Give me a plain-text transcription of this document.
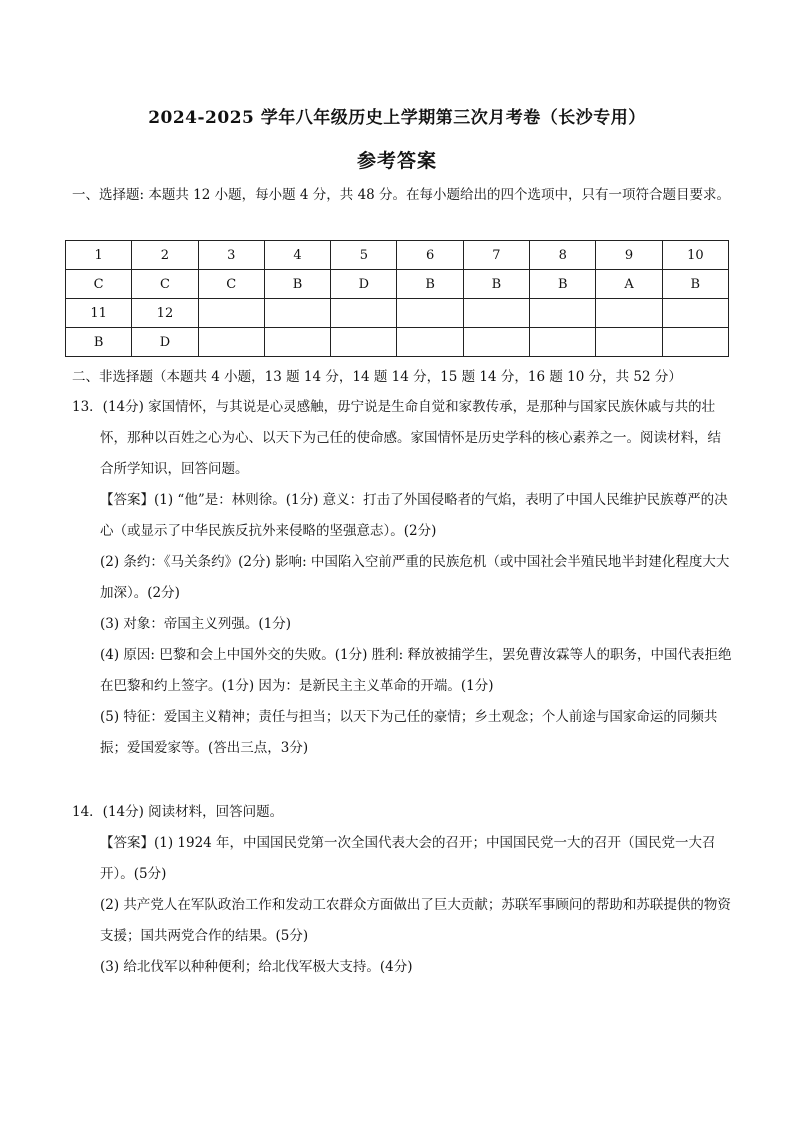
2024-2025 学年八年级历史上学期第三次月考卷（长沙专用）
参考答案
一、选择题: 本题共 12 小题，每小题 4 分，共 48 分。在每小题给出的四个选项中，只有一项符合题目要求。
1	2	3	4	5	6	7	8	9	10
C	C	C	B	D	B	B	B	A	B
11	12								
B	D								
二、非选择题（本题共 4 小题，13 题 14 分，14 题 14 分，15 题 14 分，16 题 10 分，共 52 分）
13．(14分) 家国情怀，与其说是心灵感触，毋宁说是生命自觉和家教传承，是那种与国家民族休戚与共的壮怀，那种以百姓之心为心、以天下为己任的使命感。家国情怀是历史学科的核心素养之一。阅读材料，结合所学知识，回答问题。
【答案】(1) “他”是：林则徐。(1分) 意义：打击了外国侵略者的气焰，表明了中国人民维护民族尊严的决心（或显示了中华民族反抗外来侵略的坚强意志）。(2分)
(2) 条约：《马关条约》(2分) 影响: 中国陷入空前严重的民族危机（或中国社会半殖民地半封建化程度大大加深）。(2分)
(3) 对象：帝国主义列强。(1分)
(4) 原因: 巴黎和会上中国外交的失败。(1分) 胜利: 释放被捕学生，罢免曹汝霖等人的职务，中国代表拒绝在巴黎和约上签字。(1分) 因为：是新民主主义革命的开端。(1分)
(5) 特征：爱国主义精神；责任与担当；以天下为己任的豪情；乡土观念；个人前途与国家命运的同频共振；爱国爱家等。(答出三点，3分)
14．(14分) 阅读材料，回答问题。
【答案】(1) 1924 年，中国国民党第一次全国代表大会的召开；中国国民党一大的召开（国民党一大召开）。(5分)
(2) 共产党人在军队政治工作和发动工农群众方面做出了巨大贡献；苏联军事顾问的帮助和苏联提供的物资支援；国共两党合作的结果。(5分)
(3) 给北伐军以种种便利；给北伐军极大支持。(4分)
